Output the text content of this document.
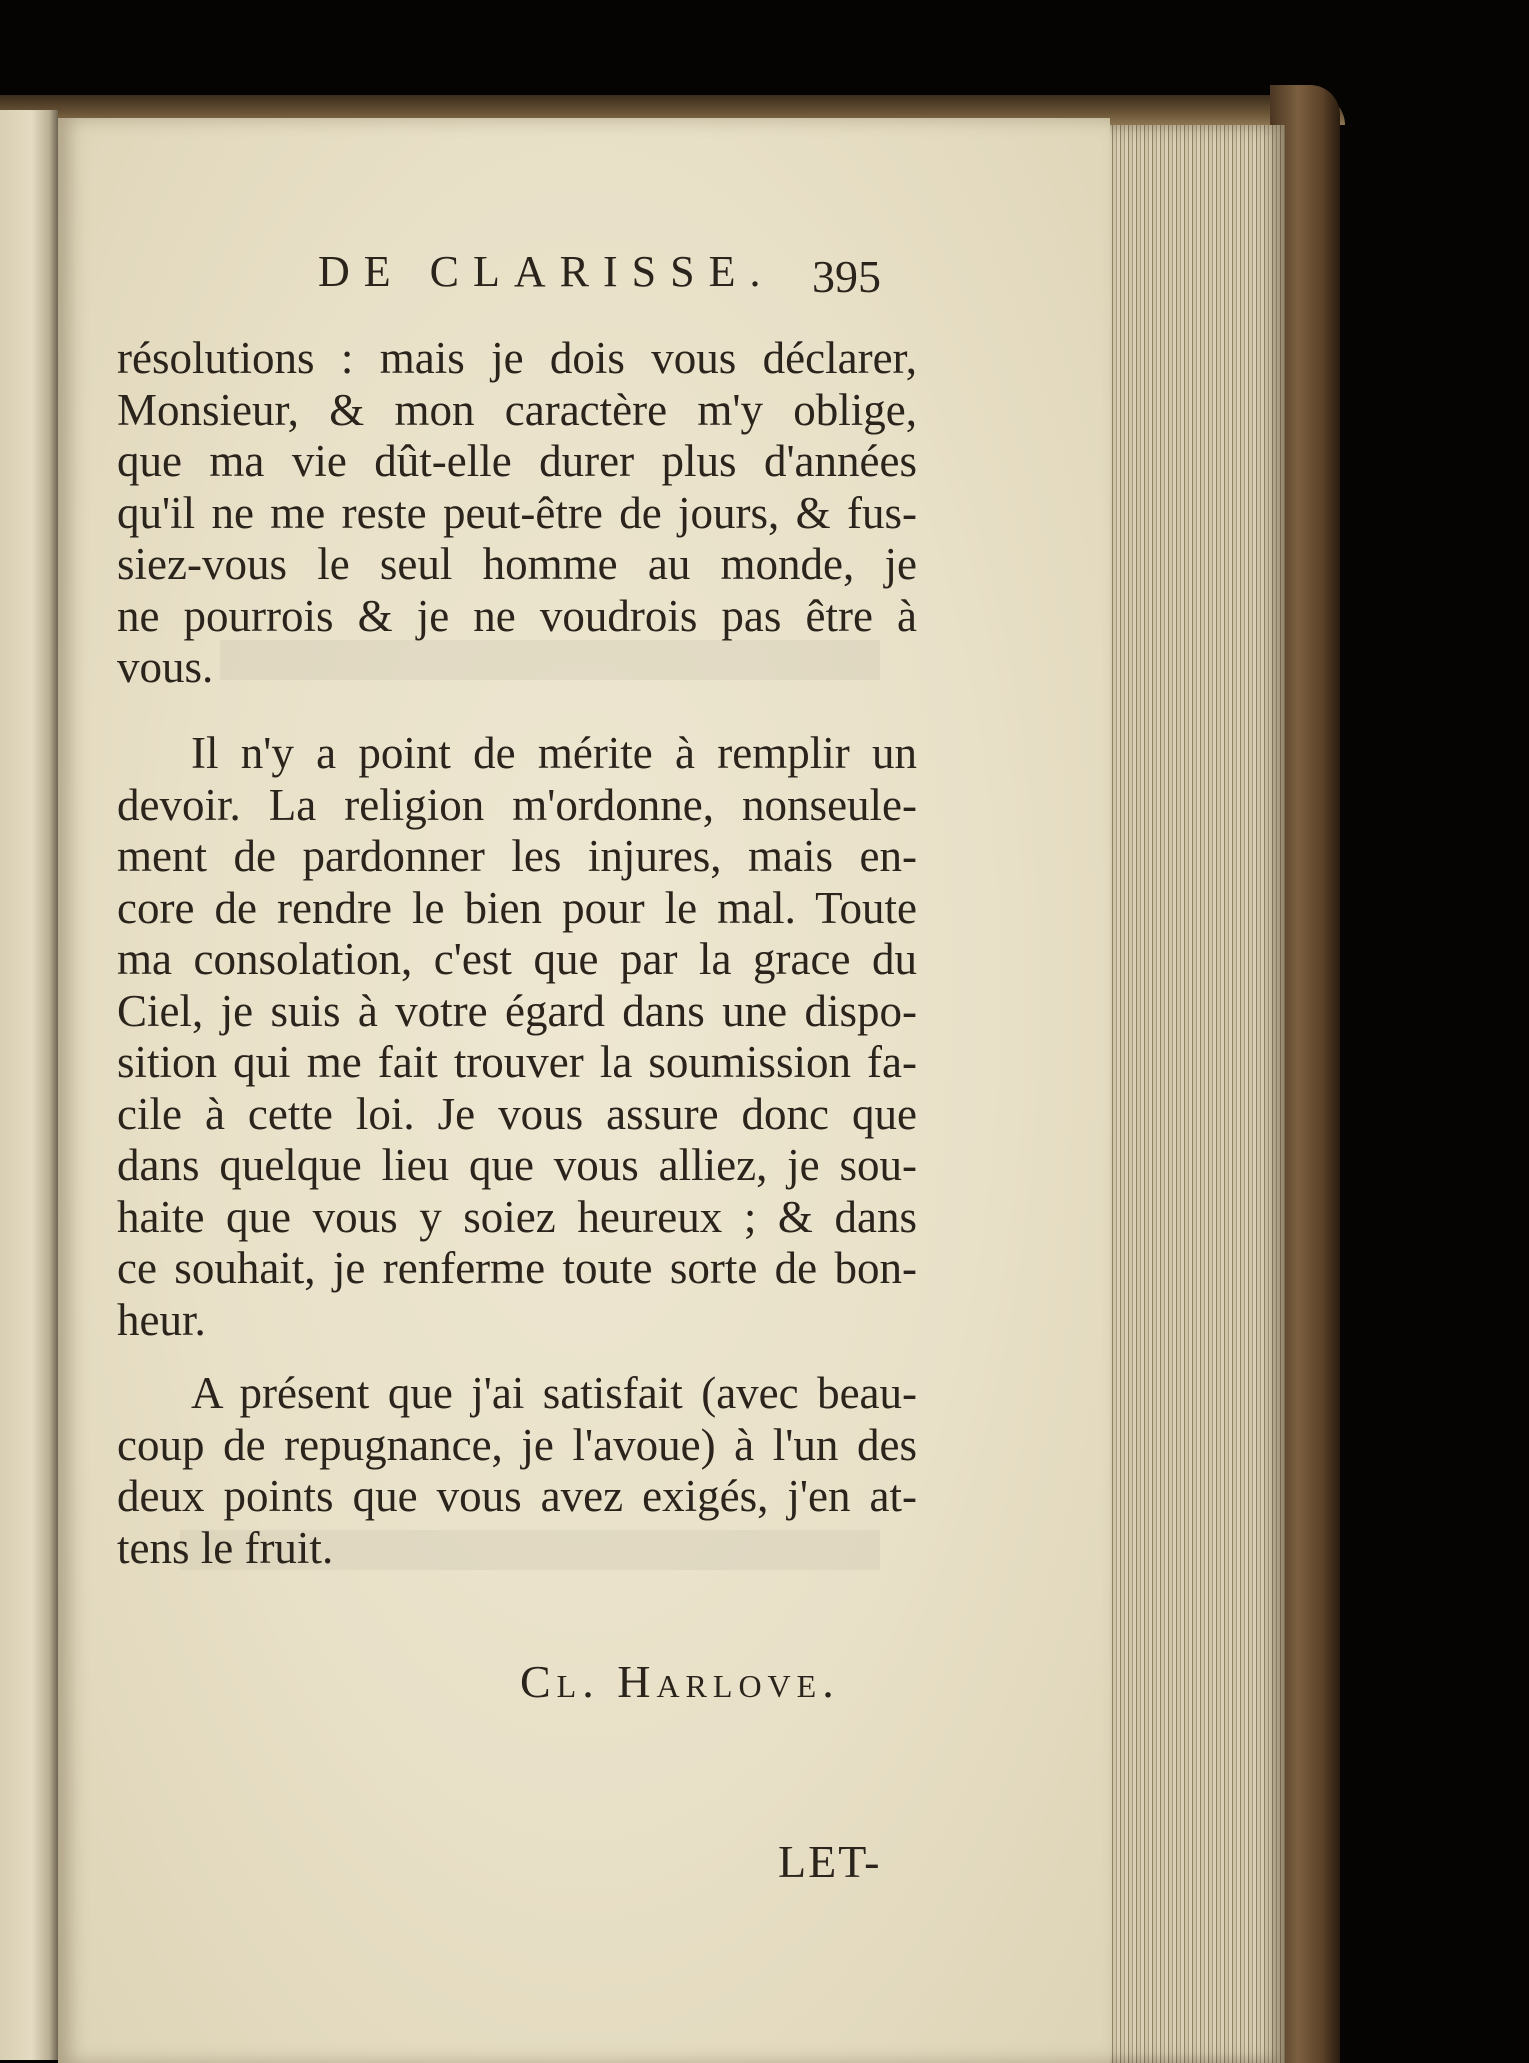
DE CLARISSE. 395
résolutions : mais je dois vous déclarer,
Monsieur, & mon caractère m'y oblige,
que ma vie dût-elle durer plus d'années
qu'il ne me reste peut-être de jours, & fus-
siez-vous le seul homme au monde, je
ne pourrois & je ne voudrois pas être à
vous.
Il n'y a point de mérite à remplir un
devoir. La religion m'ordonne, nonseule-
ment de pardonner les injures, mais en-
core de rendre le bien pour le mal. Toute
ma consolation, c'est que par la grace du
Ciel, je suis à votre égard dans une dispo-
sition qui me fait trouver la soumission fa-
cile à cette loi. Je vous assure donc que
dans quelque lieu que vous alliez, je sou-
haite que vous y soiez heureux ; & dans
ce souhait, je renferme toute sorte de bon-
heur.
A présent que j'ai satisfait (avec beau-
coup de repugnance, je l'avoue) à l'un des
deux points que vous avez exigés, j'en at-
tens le fruit.
Cl. Harlove.
LET-
